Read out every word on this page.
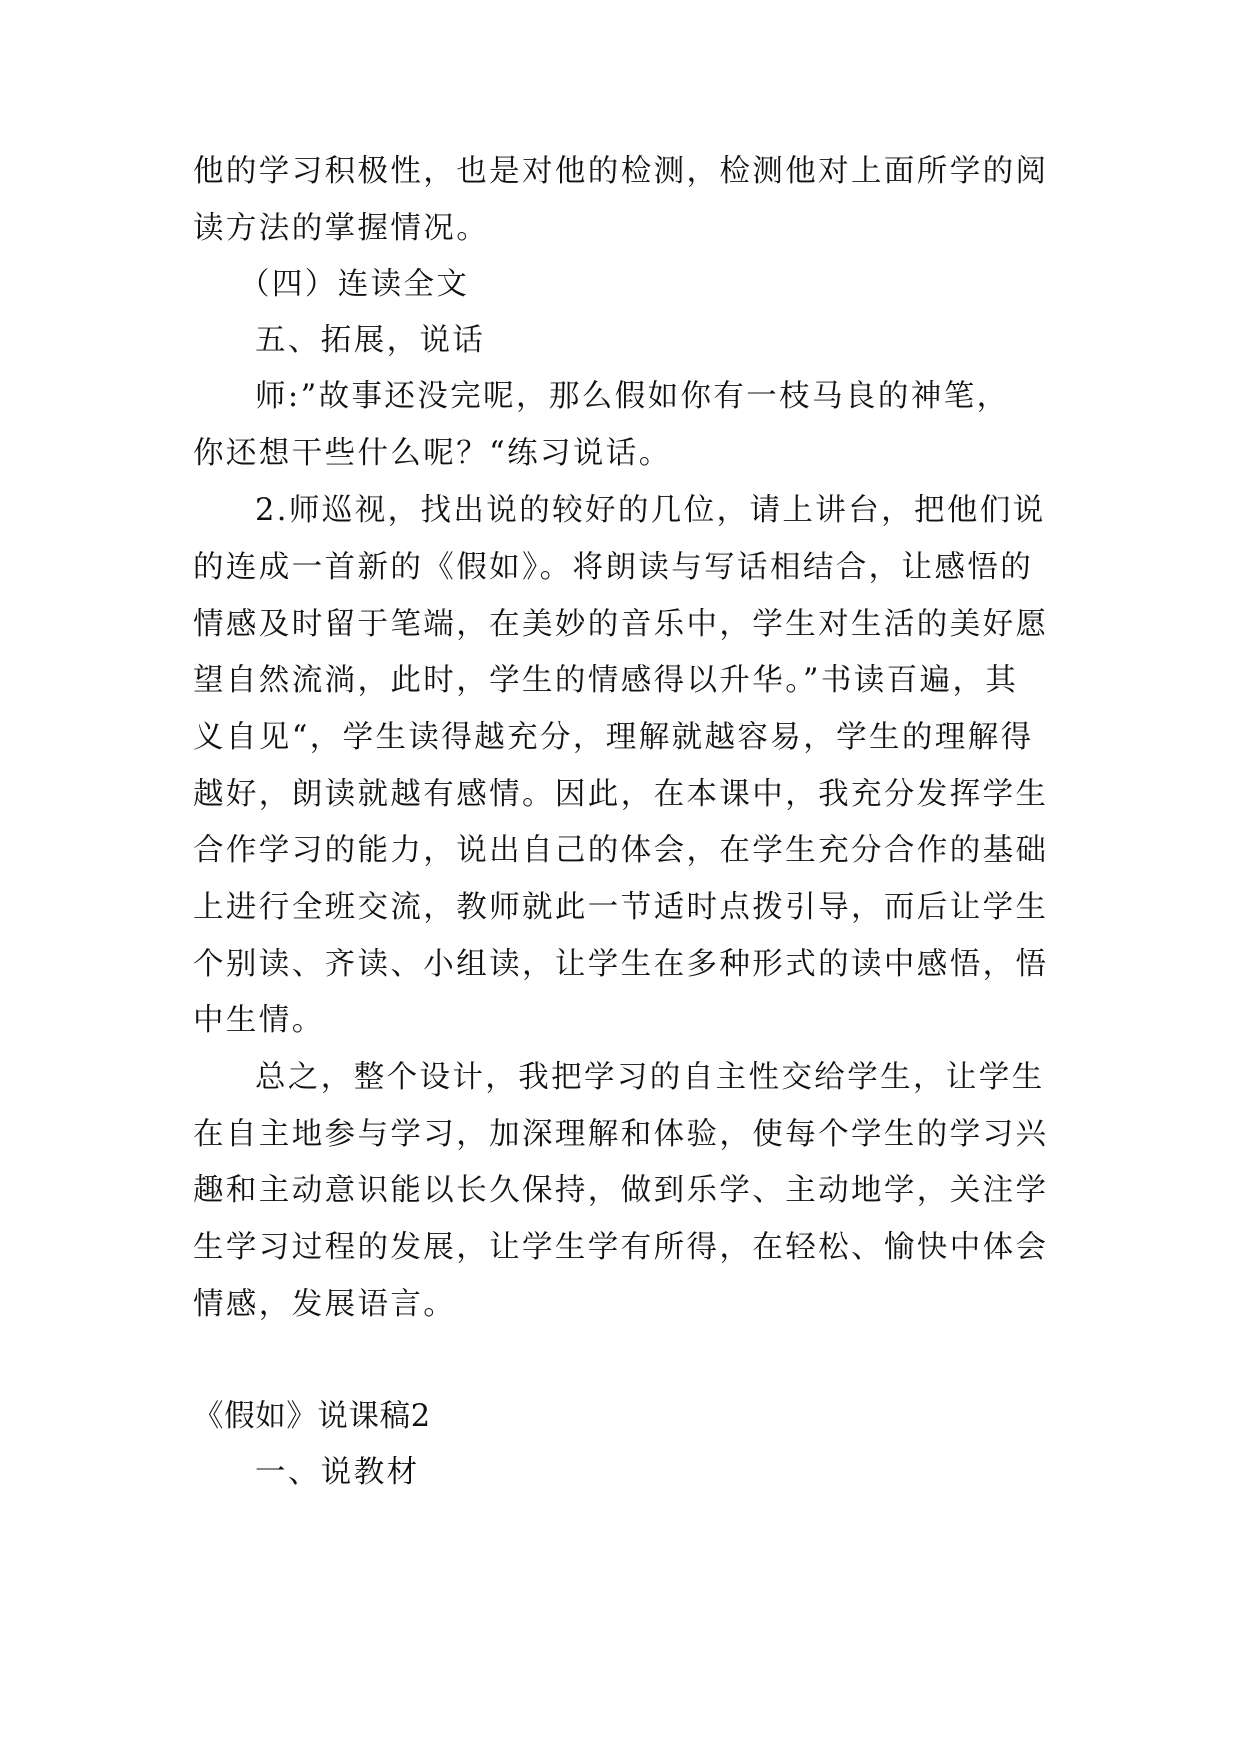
他的学习积极性，也是对他的检测，检测他对上面所学的阅
读方法的掌握情况。
（四）连读全文
五、拓展，说话
师:”故事还没完呢，那么假如你有一枝马良的神笔，
你还想干些什么呢？“练习说话。
2.师巡视，找出说的较好的几位，请上讲台，把他们说
的连成一首新的《假如》。将朗读与写话相结合，让感悟的
情感及时留于笔端，在美妙的音乐中，学生对生活的美好愿
望自然流淌，此时，学生的情感得以升华。”书读百遍，其
义自见“，学生读得越充分，理解就越容易，学生的理解得
越好，朗读就越有感情。因此，在本课中，我充分发挥学生
合作学习的能力，说出自己的体会，在学生充分合作的基础
上进行全班交流，教师就此一节适时点拨引导，而后让学生
个别读、齐读、小组读，让学生在多种形式的读中感悟，悟
中生情。
总之，整个设计，我把学习的自主性交给学生，让学生
在自主地参与学习，加深理解和体验，使每个学生的学习兴
趣和主动意识能以长久保持，做到乐学、主动地学，关注学
生学习过程的发展，让学生学有所得，在轻松、愉快中体会
情感，发展语言。
《假如》说课稿2
一、说教材
